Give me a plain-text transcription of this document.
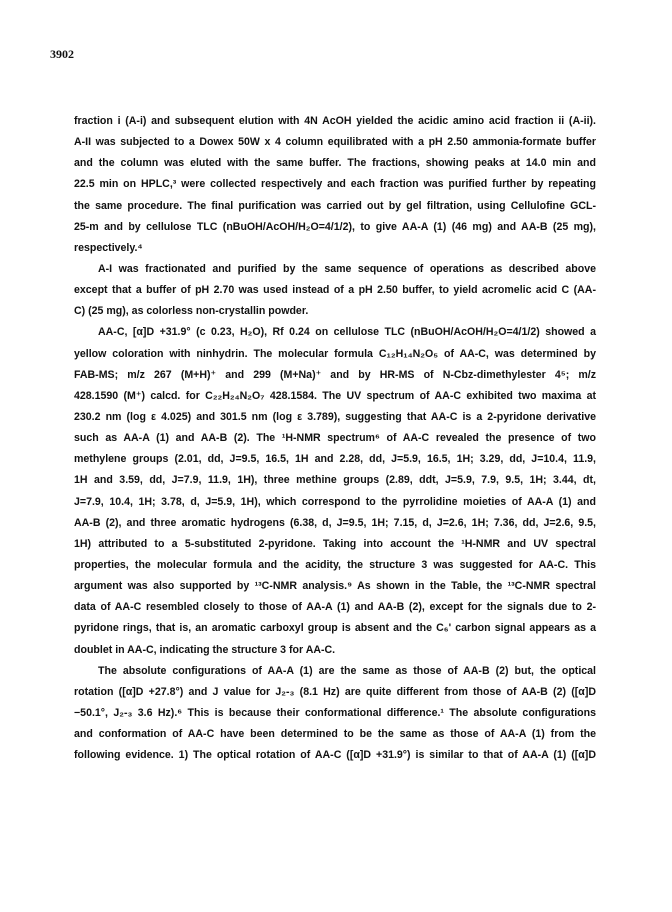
3902
fraction i (A-i) and subsequent elution with 4N AcOH yielded the acidic amino acid fraction ii (A-ii).
A-II was subjected to a Dowex 50W x 4 column equilibrated with a pH 2.50 ammonia-formate buffer
and the column was eluted with the same buffer. The fractions, showing peaks at 14.0 min and
22.5 min on HPLC,³ were collected respectively and each fraction was purified further by repeating
the same procedure. The final purification was carried out by gel filtration, using Cellulofine GCL-
25-m and by cellulose TLC (nBuOH/AcOH/H₂O=4/1/2), to give AA-A (1) (46 mg) and AA-B (25 mg),
respectively.⁴
A-I was fractionated and purified by the same sequence of operations as described above
except that a buffer of pH 2.70 was used instead of a pH 2.50 buffer, to yield acromelic acid C (AA-
C) (25 mg), as colorless non-crystallin powder.
AA-C, [α]D +31.9° (c 0.23, H₂O), Rf 0.24 on cellulose TLC (nBuOH/AcOH/H₂O=4/1/2) showed a
yellow coloration with ninhydrin. The molecular formula C₁₂H₁₄N₂O₅ of AA-C, was determined by
FAB-MS; m/z 267 (M+H)⁺ and 299 (M+Na)⁺ and by HR-MS of N-Cbz-dimethylester 4⁵; m/z
428.1590 (M⁺) calcd. for C₂₂H₂₄N₂O₇ 428.1584. The UV spectrum of AA-C exhibited two maxima at
230.2 nm (log ε 4.025) and 301.5 nm (log ε 3.789), suggesting that AA-C is a 2-pyridone derivative
such as AA-A (1) and AA-B (2). The ¹H-NMR spectrum⁶ of AA-C revealed the presence of two
methylene groups (2.01, dd, J=9.5, 16.5, 1H and 2.28, dd, J=5.9, 16.5, 1H; 3.29, dd, J=10.4, 11.9,
1H and 3.59, dd, J=7.9, 11.9, 1H), three methine groups (2.89, ddt, J=5.9, 7.9, 9.5, 1H; 3.44, dt,
J=7.9, 10.4, 1H; 3.78, d, J=5.9, 1H), which correspond to the pyrrolidine moieties of AA-A (1) and
AA-B (2), and three aromatic hydrogens (6.38, d, J=9.5, 1H; 7.15, d, J=2.6, 1H; 7.36, dd, J=2.6, 9.5,
1H) attributed to a 5-substituted 2-pyridone. Taking into account the ¹H-NMR and UV spectral
properties, the molecular formula and the acidity, the structure 3 was suggested for AA-C. This
argument was also supported by ¹³C-NMR analysis.⁹ As shown in the Table, the ¹³C-NMR spectral
data of AA-C resembled closely to those of AA-A (1) and AA-B (2), except for the signals due to 2-
pyridone rings, that is, an aromatic carboxyl group is absent and the C₆' carbon signal appears as a
doublet in AA-C, indicating the structure 3 for AA-C.
The absolute configurations of AA-A (1) are the same as those of AA-B (2) but, the optical
rotation ([α]D +27.8°) and J value for J₂-₃ (8.1 Hz) are quite different from those of AA-B (2) ([α]D
−50.1°, J₂-₃ 3.6 Hz).⁶ This is because their conformational difference.¹ The absolute configurations
and conformation of AA-C have been determined to be the same as those of AA-A (1) from the
following evidence. 1) The optical rotation of AA-C ([α]D +31.9°) is similar to that of AA-A (1) ([α]D
